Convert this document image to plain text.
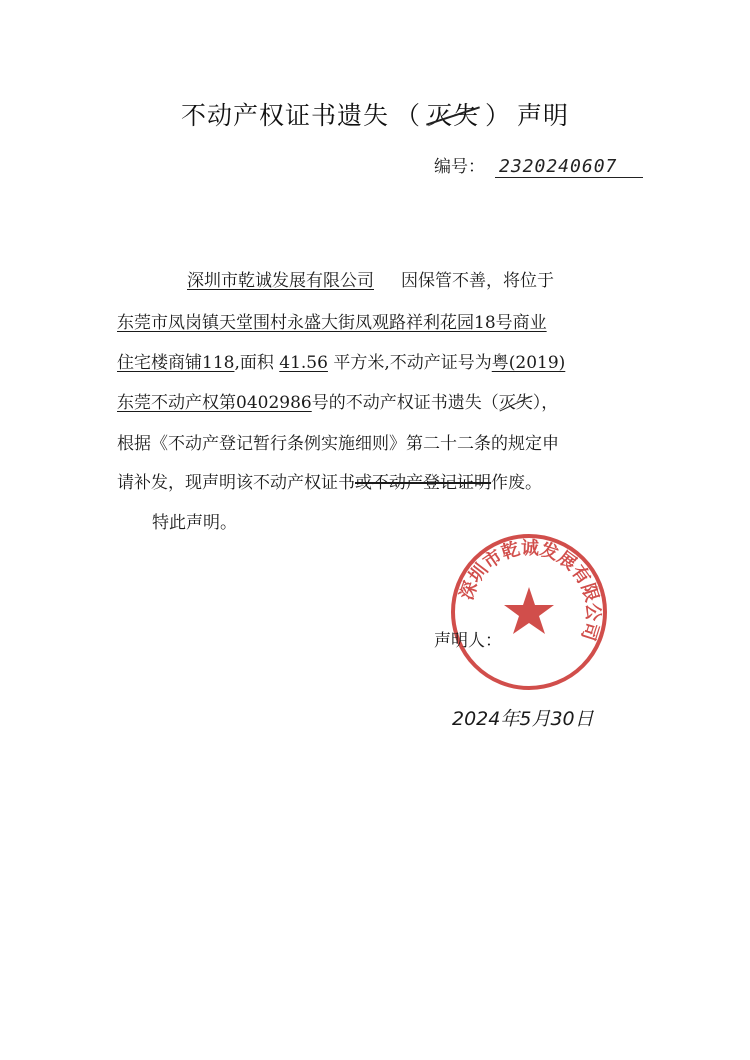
不动产权证书遗失 （ 灭失 ） 声明
编号： 2320240607
深圳市乾诚发展有限公司 因保管不善，将位于
东莞市凤岗镇天堂围村永盛大街凤观路祥利花园18号商业
住宅楼商铺118,面积 41.56 平方米,不动产证号为粤(2019)
东莞不动产权第0402986号的不动产权证书遗失（灭失），
根据《不动产登记暂行条例实施细则》第二十二条的规定申
请补发，现声明该不动产权证书或不动产登记证明作废。
特此声明。
深圳市乾诚发展有限公司
声明人：
2024年5月30日
